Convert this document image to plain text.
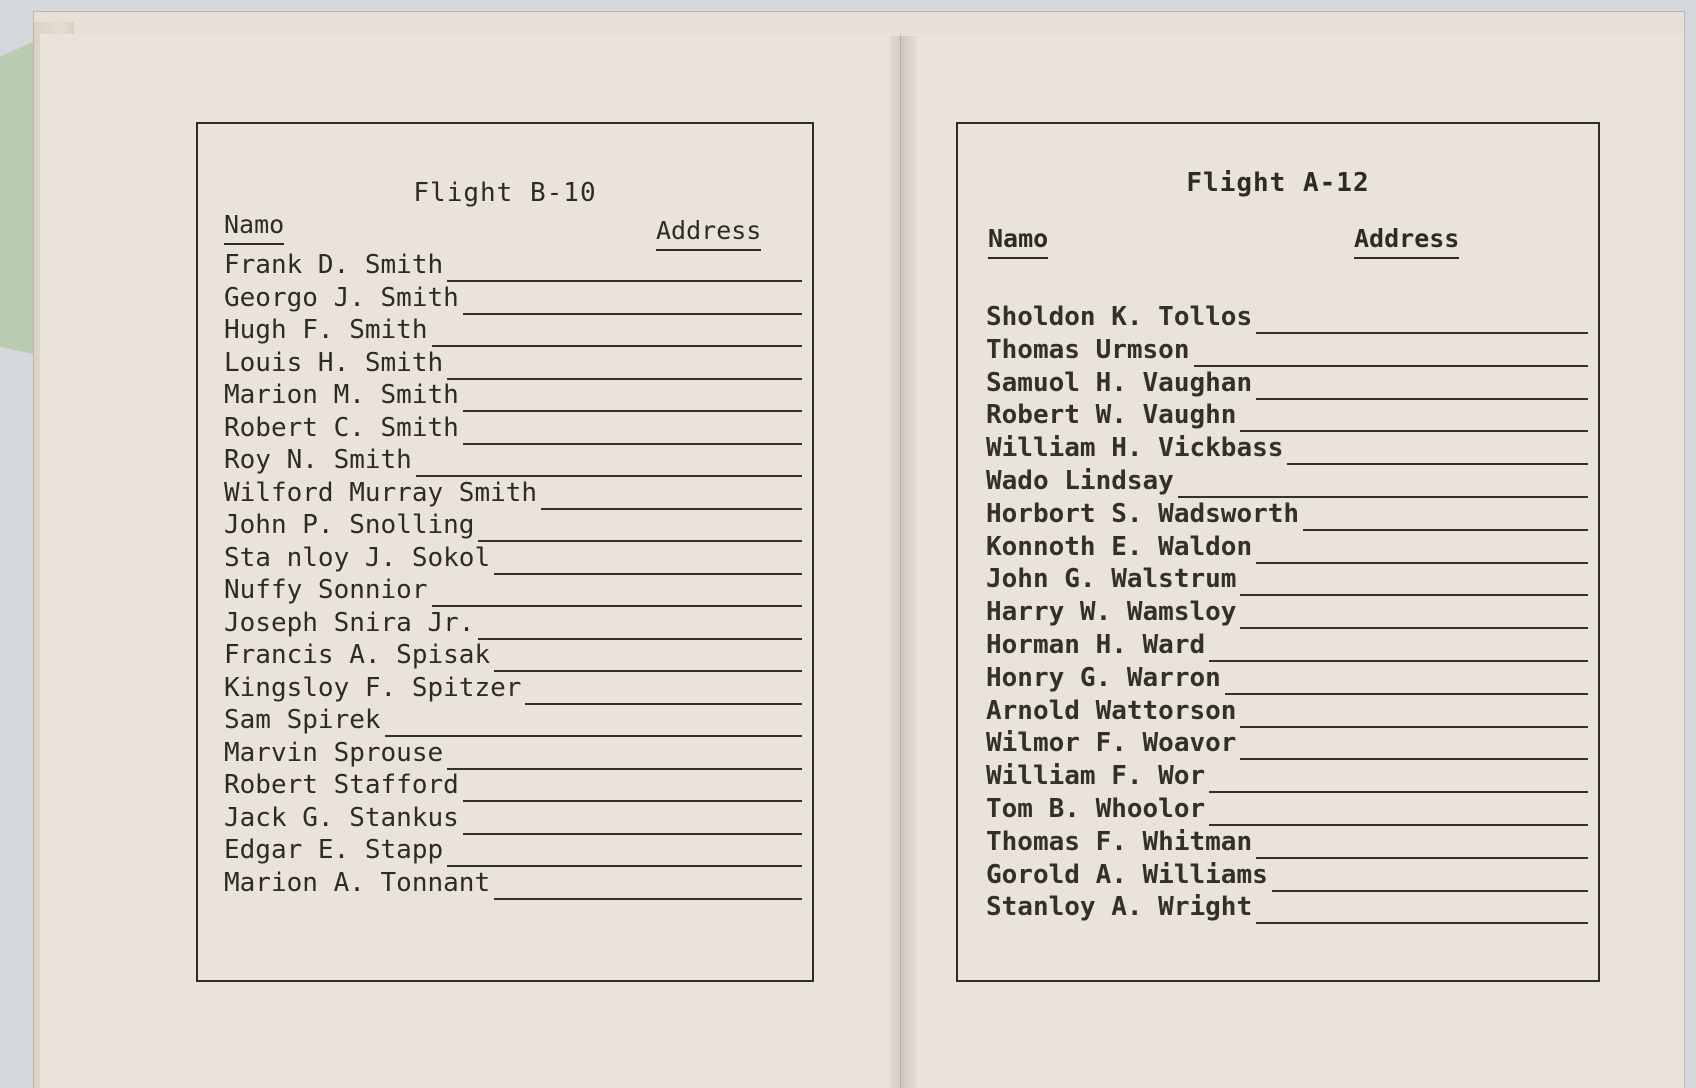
Flight B-10
Namo	Address
Frank D. Smith
Georgo J. Smith
Hugh F. Smith
Louis H. Smith
Marion M. Smith
Robert C. Smith
Roy N. Smith
Wilford Murray Smith
John P. Snolling
Sta nloy J. Sokol
Nuffy Sonnior
Joseph Snira Jr.
Francis A. Spisak
Kingsloy F. Spitzer
Sam Spirek
Marvin Sprouse
Robert Stafford
Jack G. Stankus
Edgar E. Stapp
Marion A. Tonnant
Flight A-12
Namo	Address
Sholdon K. Tollos
Thomas Urmson
Samuol H. Vaughan
Robert W. Vaughn
William H. Vickbass
Wado Lindsay
Horbort S. Wadsworth
Konnoth E. Waldon
John G. Walstrum
Harry W. Wamsloy
Horman H. Ward
Honry G. Warron
Arnold Wattorson
Wilmor F. Woavor
William F. Wor
Tom B. Whoolor
Thomas F. Whitman
Gorold A. Williams
Stanloy A. Wright
